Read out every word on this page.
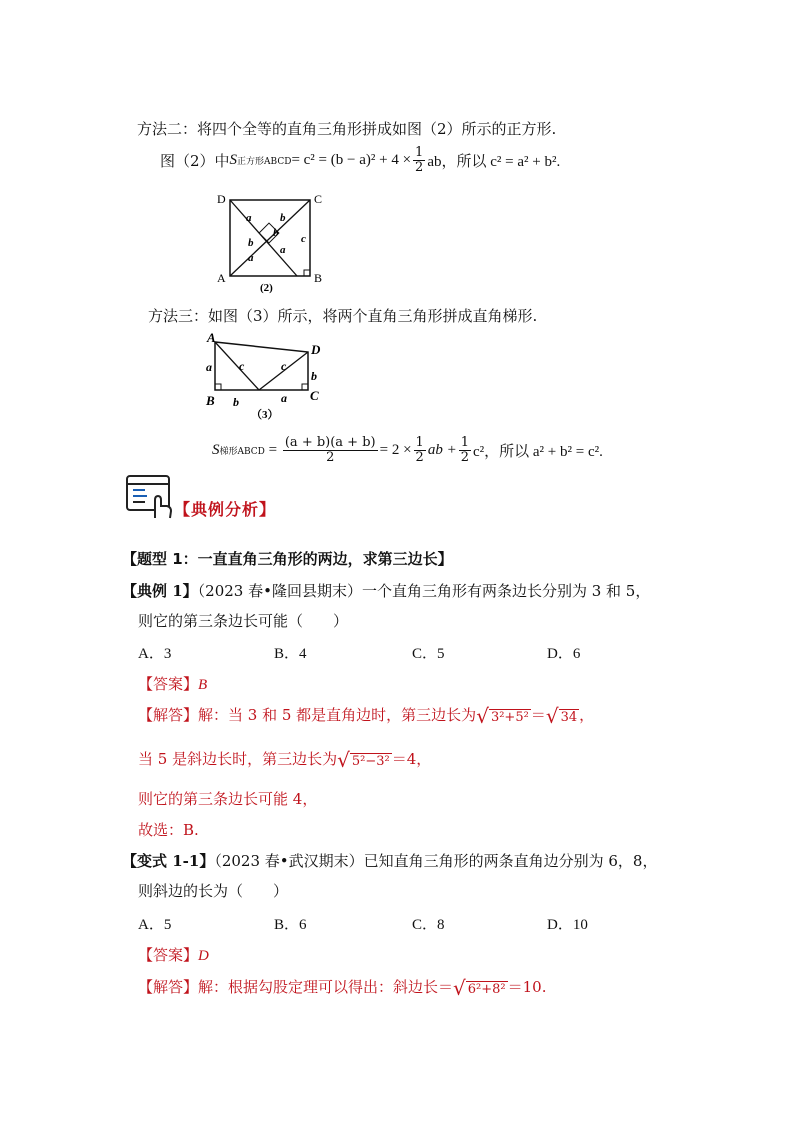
方法二：将四个全等的直角三角形拼成如图（2）所示的正方形.
图（2）中 S 正方形ABCD = $c^2 = (b - a)^2 + 4 \times \frac{1}{2}$ ab，所以 c² = a² + b².
D	C
A	B
a	b
b
b
a
a
c
(2)
方法三：如图（3）所示，将两个直角三角形拼成直角梯形.
A
D
B	C
a c	c
b
b	a
（3）
S 梯形ABCD = $\frac{(a + b)(a + b)}{2} = 2 \times \frac{1}{2}$ ab + $\frac{1}{2} c^2$，所以 a² + b² = c².
【典例分析】
【题型 1：一直直角三角形的两边，求第三边长】
【典例 1】（2023 春•隆回县期末）一个直角三角形有两条边长分别为 3 和 5，
则它的第三条边长可能（　　）
A．3	B．4	C．5	D．6
【答案】B
【解答】 解：当 3 和 5 都是直角边时，第三边长为 √ 3²+5² ＝ √ 34 ，
当 5 是斜边长时，第三边长为 √ 5²−3² ＝4，
则它的第三条边长可能 4，
故选：B.
【变式 1-1】（2023 春•武汉期末）已知直角三角形的两条直角边分别为 6，8，
则斜边的长为（　　）
A．5	B．6	C．8	D．10
【答案】D
【解答】 解：根据勾股定理可以得出：斜边长＝ √ 6²+8² ＝10.
